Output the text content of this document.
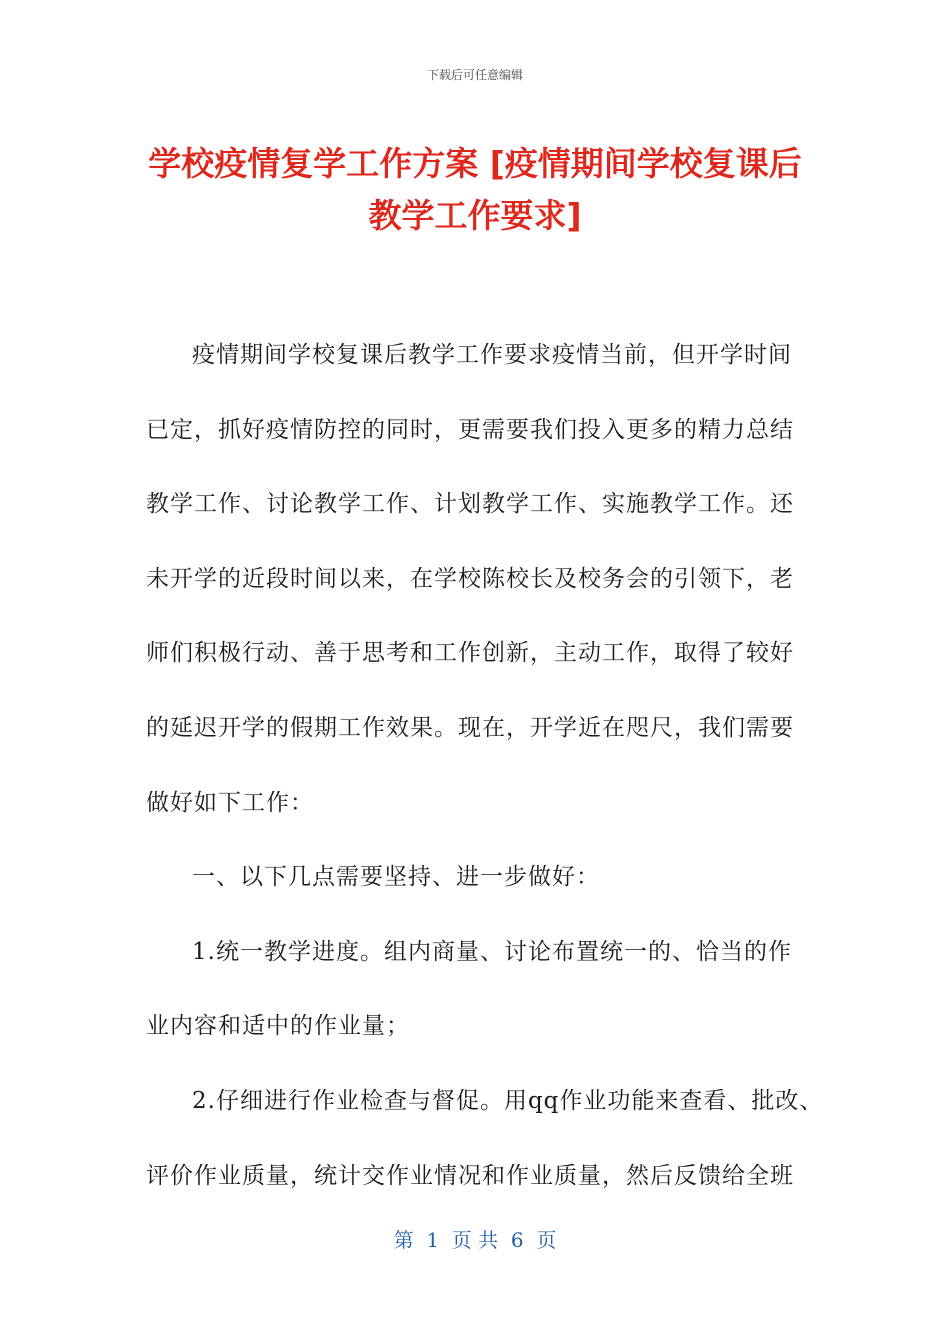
下载后可任意编辑
学校疫情复学工作方案 [疫情期间学校复课后
教学工作要求]
疫情期间学校复课后教学工作要求疫情当前，但开学时间
已定，抓好疫情防控的同时，更需要我们投入更多的精力总结
教学工作、讨论教学工作、计划教学工作、实施教学工作。还
未开学的近段时间以来，在学校陈校长及校务会的引领下，老
师们积极行动、善于思考和工作创新，主动工作，取得了较好
的延迟开学的假期工作效果。现在，开学近在咫尺，我们需要
做好如下工作：
一、以下几点需要坚持、进一步做好：
1.统一教学进度。组内商量、讨论布置统一的、恰当的作
业内容和适中的作业量；
2.仔细进行作业检查与督促。用qq作业功能来查看、批改、
评价作业质量，统计交作业情况和作业质量，然后反馈给全班
第  1  页 共  6  页
